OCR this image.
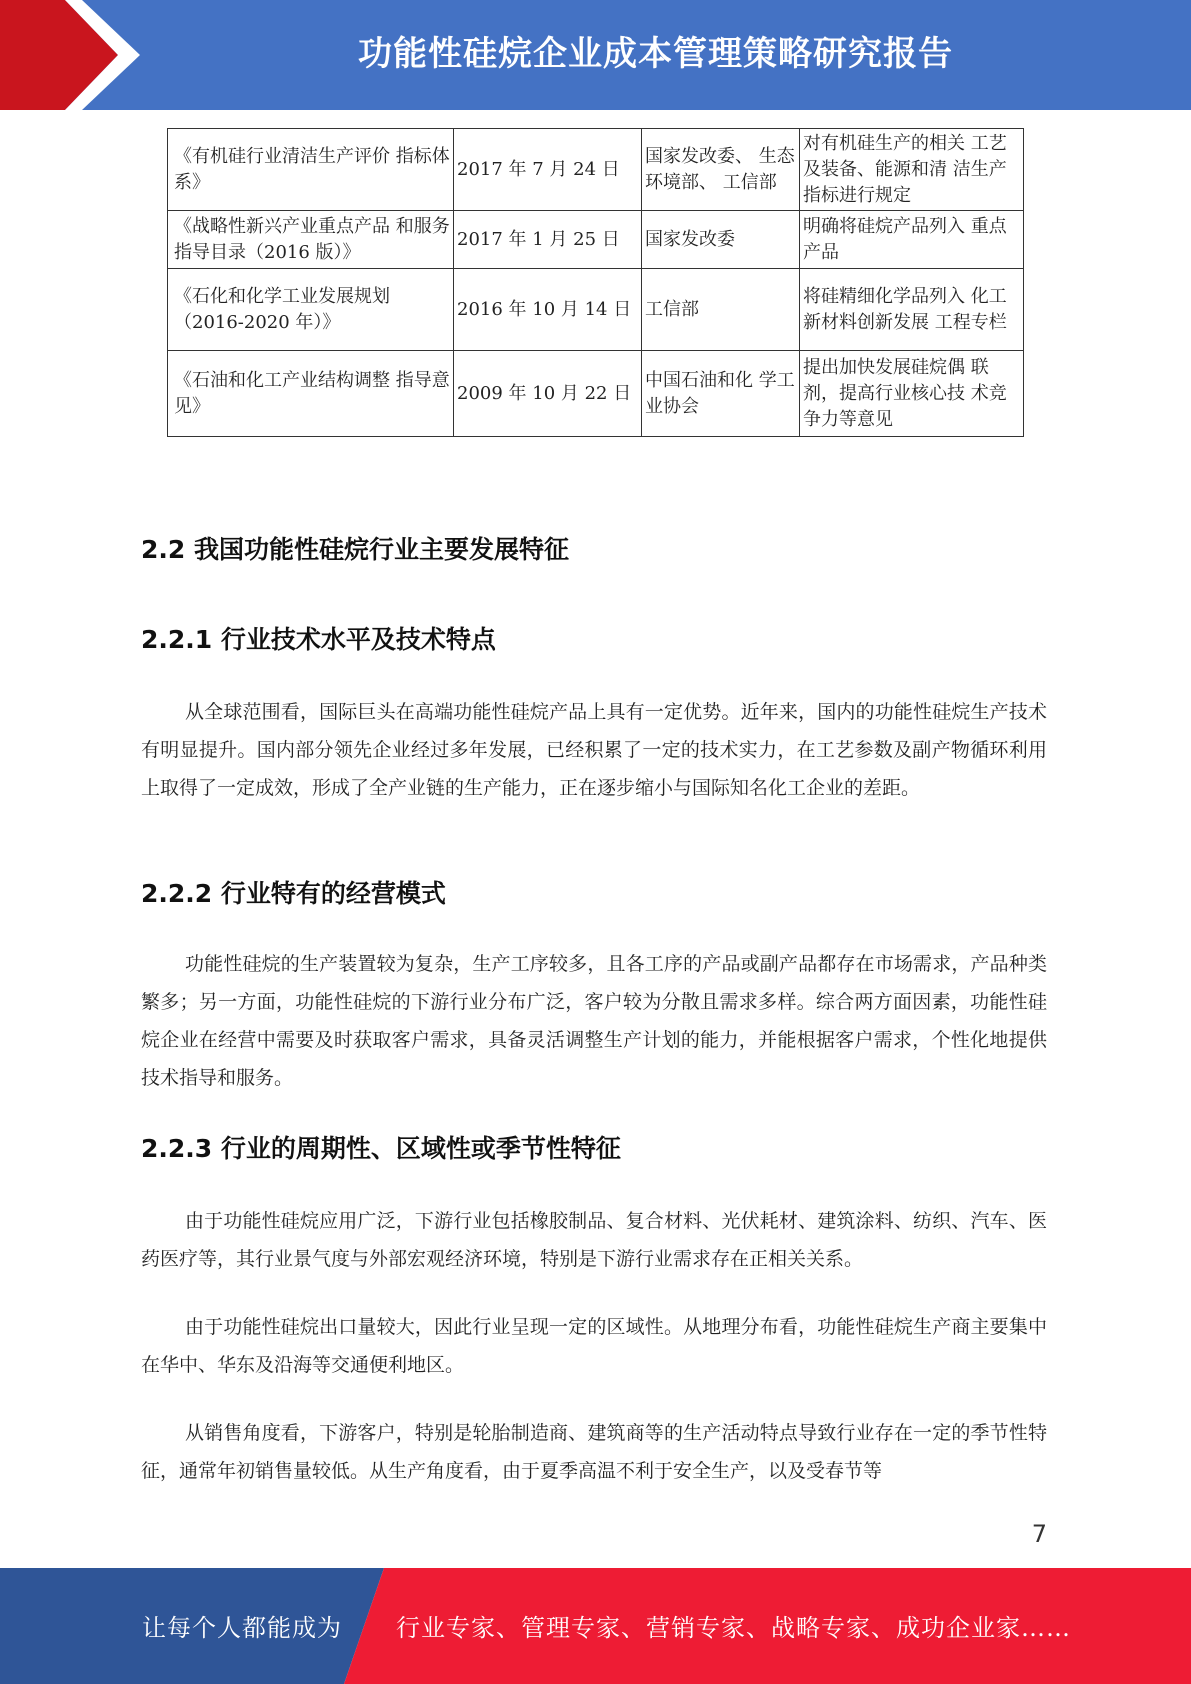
功能性硅烷企业成本管理策略研究报告
《有机硅行业清洁生产评价 指标体系》	2017 年 7 月 24 日	国家发改委、 生态环境部、 工信部	对有机硅生产的相关 工艺及装备、能源和清 洁生产指标进行规定
《战略性新兴产业重点产品 和服务指导目录（2016 版）》	2017 年 1 月 25 日	国家发改委	明确将硅烷产品列入 重点产品
《石化和化学工业发展规划 （2016-2020 年）》	2016 年 10 月 14 日	工信部	将硅精细化学品列入 化工新材料创新发展 工程专栏
《石油和化工产业结构调整 指导意见》	2009 年 10 月 22 日	中国石油和化 学工业协会	提出加快发展硅烷偶 联剂，提高行业核心技 术竞争力等意见
2.2 我国功能性硅烷行业主要发展特征
2.2.1 行业技术水平及技术特点

从全球范围看，国际巨头在高端功能性硅烷产品上具有一定优势。近年来，国内的功能性硅烷生产技术有明显提升。国内部分领先企业经过多年发展，已经积累了一定的技术实力，在工艺参数及副产物循环利用上取得了一定成效，形成了全产业链的生产能力，正在逐步缩小与国际知名化工企业的差距。

2.2.2 行业特有的经营模式

功能性硅烷的生产装置较为复杂，生产工序较多，且各工序的产品或副产品都存在市场需求，产品种类繁多；另一方面，功能性硅烷的下游行业分布广泛，客户较为分散且需求多样。综合两方面因素，功能性硅烷企业在经营中需要及时获取客户需求，具备灵活调整生产计划的能力，并能根据客户需求，个性化地提供技术指导和服务。

2.2.3 行业的周期性、区域性或季节性特征

由于功能性硅烷应用广泛，下游行业包括橡胶制品、复合材料、光伏耗材、建筑涂料、纺织、汽车、医药医疗等，其行业景气度与外部宏观经济环境，特别是下游行业需求存在正相关关系。

由于功能性硅烷出口量较大，因此行业呈现一定的区域性。从地理分布看，功能性硅烷生产商主要集中在华中、华东及沿海等交通便利地区。

从销售角度看，下游客户，特别是轮胎制造商、建筑商等的生产活动特点导致行业存在一定的季节性特征，通常年初销售量较低。从生产角度看，由于夏季高温不利于安全生产，以及受春节等

7
让每个人都能成为 行业专家、管理专家、营销专家、战略专家、成功企业家……
